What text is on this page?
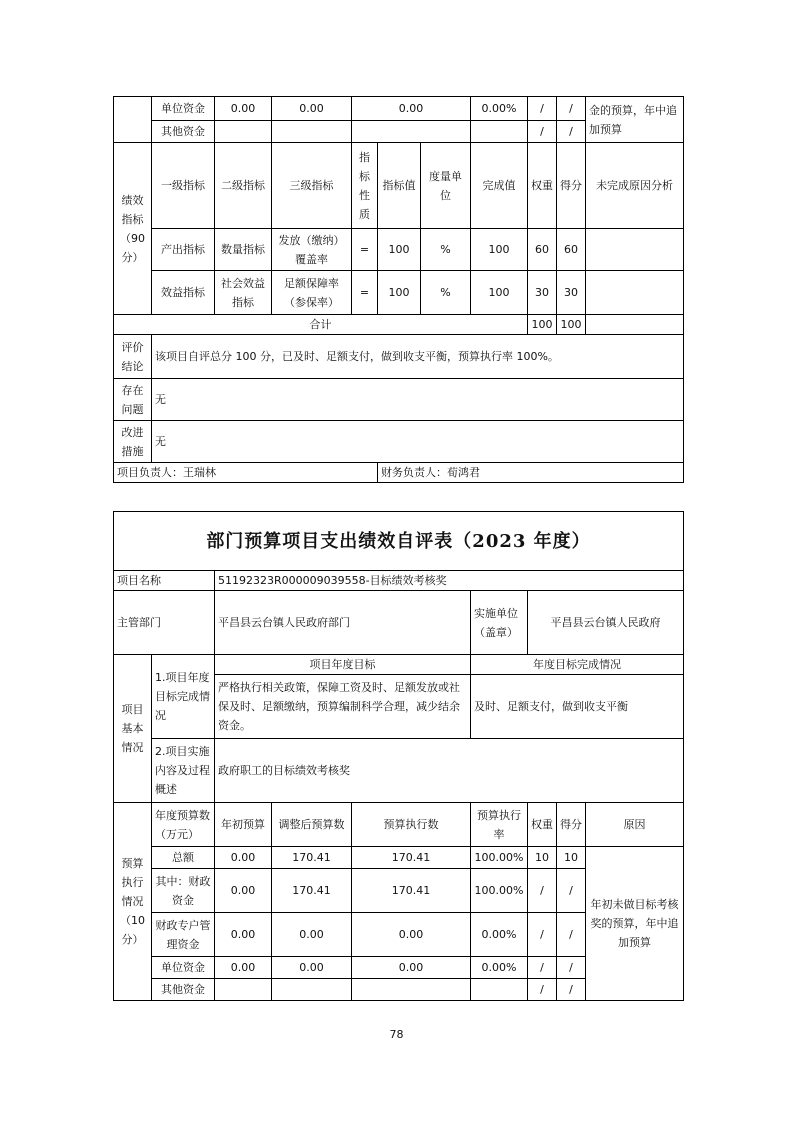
	单位资金	0.00	0.00	0.00			0.00%	/	/	金的预算，年中追加预算
	其他资金							/	/	
绩效指标（90分）	一级指标	二级指标	三级指标	指标性质	指标值	度量单位	完成值	权重	得分	未完成原因分析
	产出指标	数量指标	发放（缴纳）覆盖率	=	100	%	100	60	60	
	效益指标	社会效益指标	足额保障率（参保率）	=	100	%	100	30	30	
合计								100	100	
评价结论	该项目自评总分 100 分，已及时、足额支付，做到收支平衡，预算执行率 100%。									
存在问题	无									
改进措施	无									
项目负责人：王瑞林					财务负责人：荀鸿君					
部门预算项目支出绩效自评表（2023 年度）								
项目名称		51192323R000009039558-目标绩效考核奖						
主管部门		平昌县云台镇人民政府部门			实施单位（盖章）	平昌县云台镇人民政府		
项目基本情况	1.项目年度目标完成情况	项目年度目标			年度目标完成情况			
		严格执行相关政策，保障工资及时、足额发放或社保及时、足额缴纳，预算编制科学合理，减少结余资金。			及时、足额支付，做到收支平衡			
	2.项目实施内容及过程概述	政府职工的目标绩效考核奖						
预算执行情况（10分）	年度预算数（万元）	年初预算	调整后预算数	预算执行数	预算执行率	权重	得分	原因
	总额	0.00	170.41	170.41	100.00%	10	10	年初未做目标考核奖的预算，年中追加预算
	其中：财政资金	0.00	170.41	170.41	100.00%	/	/	
	财政专户管理资金	0.00	0.00	0.00	0.00%	/	/	
	单位资金	0.00	0.00	0.00	0.00%	/	/	
	其他资金					/	/	
78
